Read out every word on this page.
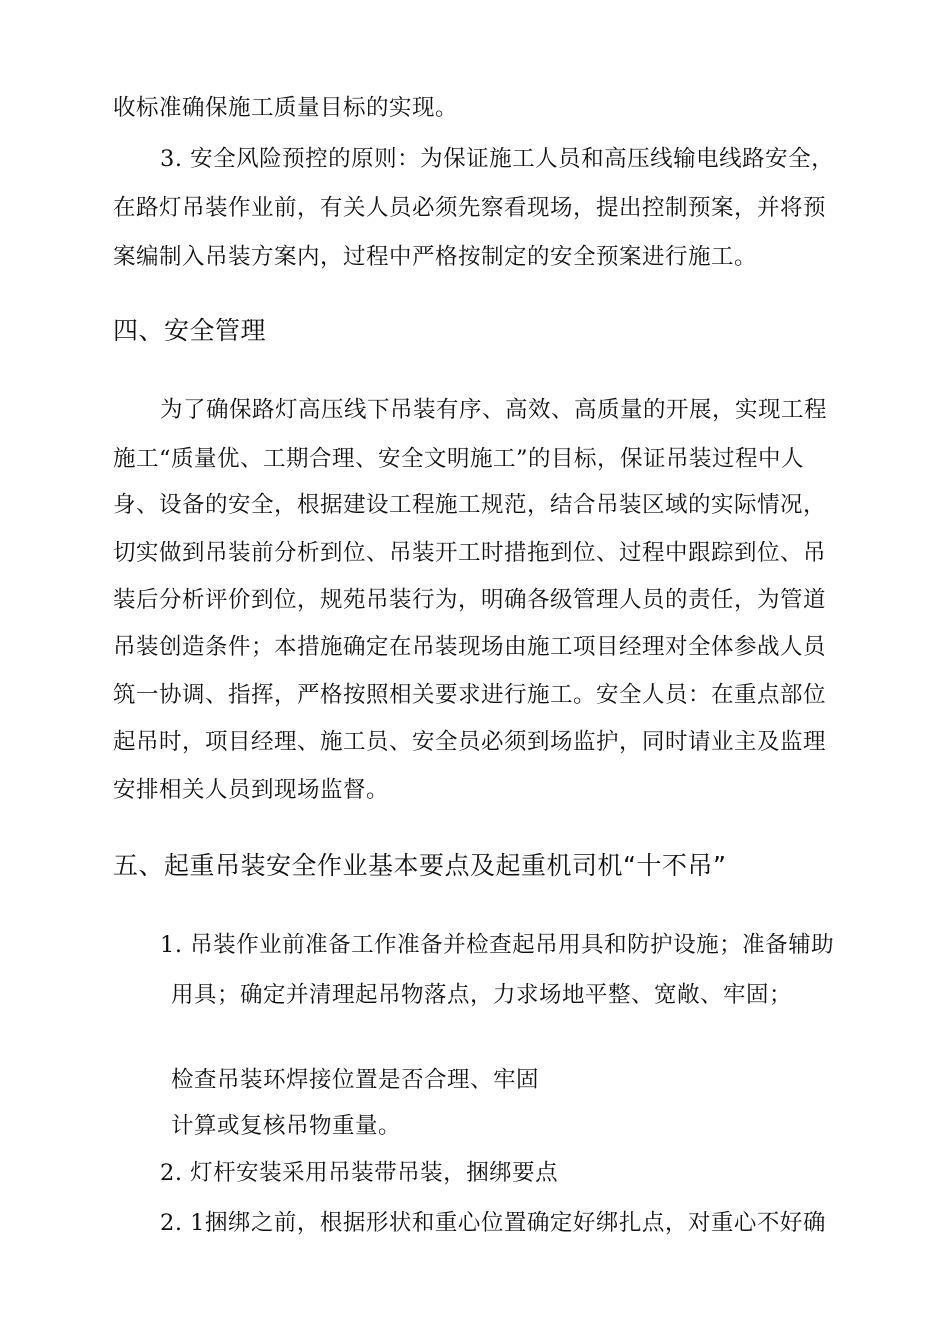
收标准确保施工质量目标的实现。
3. 安全风险预控的原则：为保证施工人员和高压线输电线路安全，
在路灯吊装作业前，有关人员必须先察看现场，提出控制预案，并将预
案编制入吊装方案内，过程中严格按制定的安全预案进行施工。
四、安全管理
为了确保路灯高压线下吊装有序、高效、高质量的开展，实现工程
施工“质量优、工期合理、安全文明施工”的目标，保证吊装过程中人
身、设备的安全，根据建设工程施工规范，结合吊装区域的实际情况，
切实做到吊装前分析到位、吊装开工时措拖到位、过程中跟踪到位、吊
装后分析评价到位，规苑吊装行为，明确各级管理人员的责任，为管道
吊装创造条件；本措施确定在吊装现场由施工项目经理对全体参战人员
筑一协调、指挥，严格按照相关要求进行施工。安全人员：在重点部位
起吊时，项目经理、施工员、安全员必须到场监护，同时请业主及监理
安排相关人员到现场监督。
五、起重吊装安全作业基本要点及起重机司机“十不吊”
1. 吊装作业前准备工作准备并检查起吊用具和防护设施；准备辅助
用具；确定并清理起吊物落点，力求场地平整、宽敞、牢固；
检查吊装环焊接位置是否合理、牢固
计算或复核吊物重量。
2. 灯杆安装采用吊装带吊装，捆绑要点
2. 1捆绑之前，根据形状和重心位置确定好绑扎点，对重心不好确
